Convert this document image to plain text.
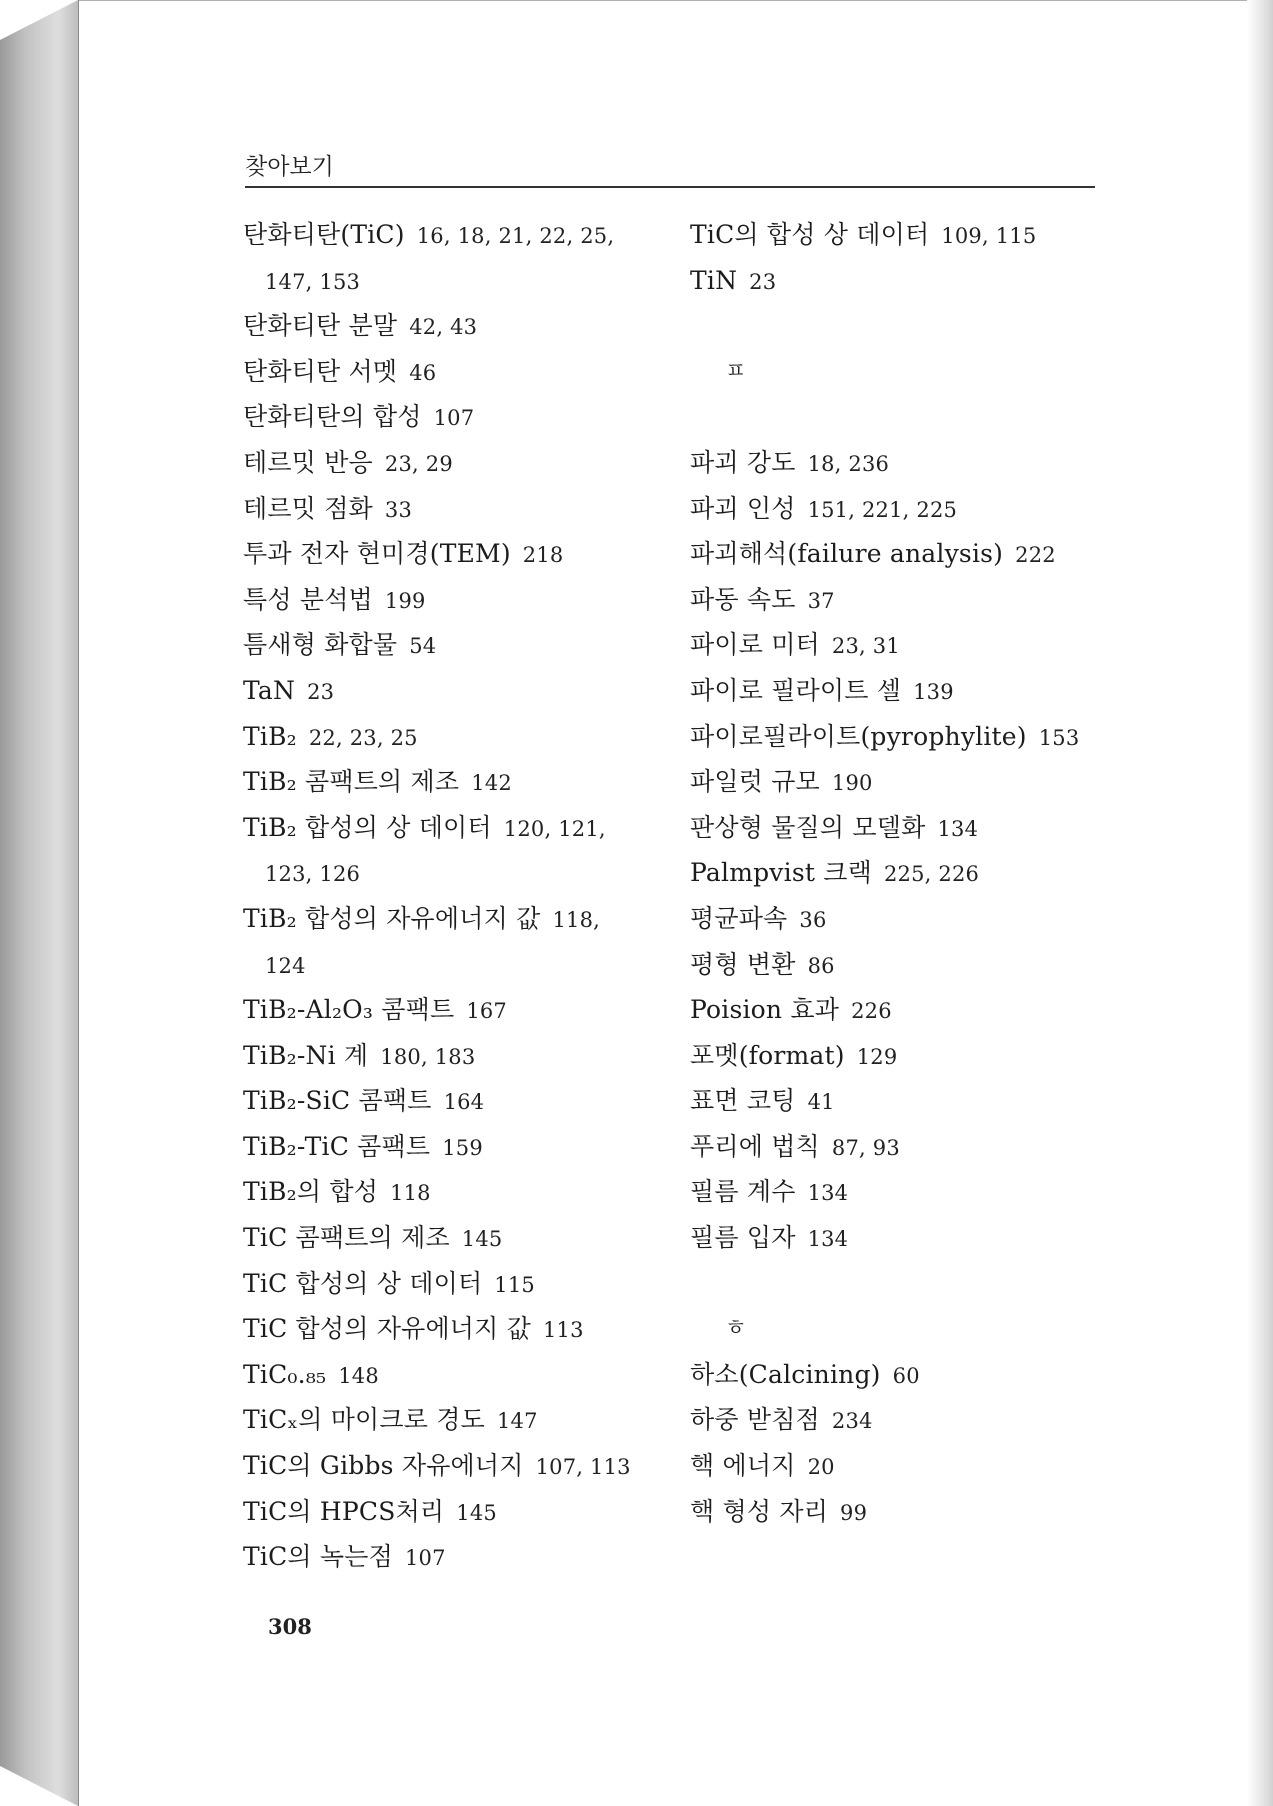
찾아보기
탄화티탄(TiC) 16, 18, 21, 22, 25,
147, 153
탄화티탄 분말 42, 43
탄화티탄 서멧 46
탄화티탄의 합성 107
테르밋 반응 23, 29
테르밋 점화 33
투과 전자 현미경(TEM) 218
특성 분석법 199
틈새형 화합물 54
TaN 23
TiB₂ 22, 23, 25
TiB₂ 콤팩트의 제조 142
TiB₂ 합성의 상 데이터 120, 121,
123, 126
TiB₂ 합성의 자유에너지 값 118,
124
TiB₂-Al₂O₃ 콤팩트 167
TiB₂-Ni 계 180, 183
TiB₂-SiC 콤팩트 164
TiB₂-TiC 콤팩트 159
TiB₂의 합성 118
TiC 콤팩트의 제조 145
TiC 합성의 상 데이터 115
TiC 합성의 자유에너지 값 113
TiC₀.₈₅ 148
TiCₓ의 마이크로 경도 147
TiC의 Gibbs 자유에너지 107, 113
TiC의 HPCS처리 145
TiC의 녹는점 107
TiC의 합성 상 데이터 109, 115
TiN 23
ㅍ
파괴 강도 18, 236
파괴 인성 151, 221, 225
파괴해석(failure analysis) 222
파동 속도 37
파이로 미터 23, 31
파이로 필라이트 셀 139
파이로필라이트(pyrophylite) 153
파일럿 규모 190
판상형 물질의 모델화 134
Palmpvist 크랙 225, 226
평균파속 36
평형 변환 86
Poision 효과 226
포멧(format) 129
표면 코팅 41
푸리에 법칙 87, 93
필름 계수 134
필름 입자 134
ㅎ
하소(Calcining) 60
하중 받침점 234
핵 에너지 20
핵 형성 자리 99
308
